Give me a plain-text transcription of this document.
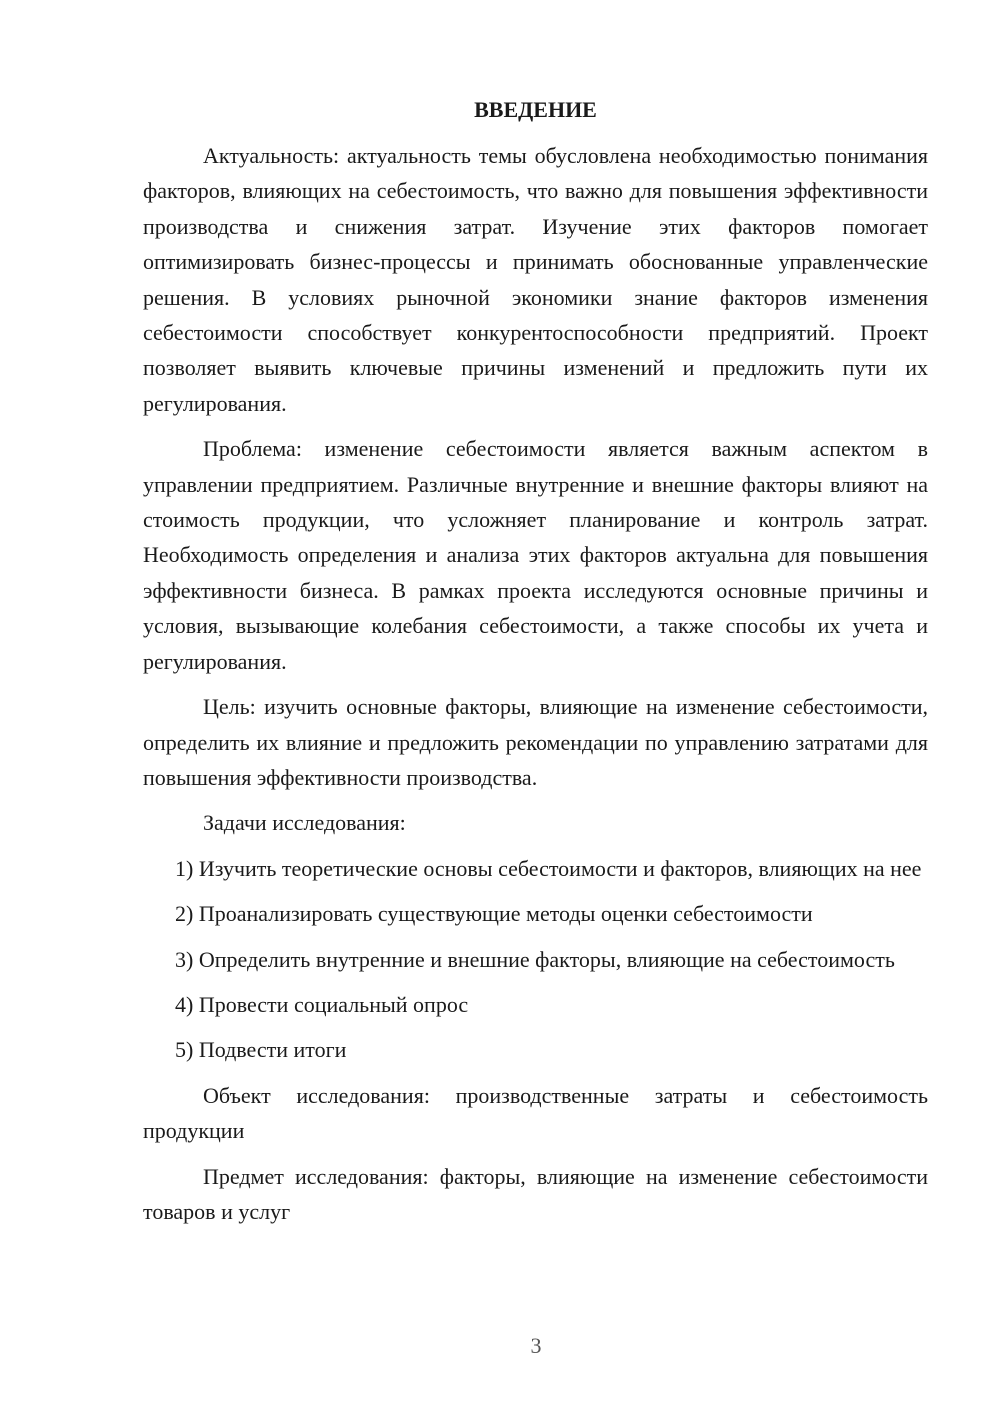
ВВЕДЕНИЕ

Актуальность: актуальность темы обусловлена необходимостью понимания факторов, влияющих на себестоимость, что важно для повышения эффективности производства и снижения затрат. Изучение этих факторов помогает оптимизировать бизнес-процессы и принимать обоснованные управленческие решения. В условиях рыночной экономики знание факторов изменения себестоимости способствует конкурентоспособности предприятий. Проект позволяет выявить ключевые причины изменений и предложить пути их регулирования.

Проблема: изменение себестоимости является важным аспектом в управлении предприятием. Различные внутренние и внешние факторы влияют на стоимость продукции, что усложняет планирование и контроль затрат. Необходимость определения и анализа этих факторов актуальна для повышения эффективности бизнеса. В рамках проекта исследуются основные причины и условия, вызывающие колебания себестоимости, а также способы их учета и регулирования.

Цель: изучить основные факторы, влияющие на изменение себестоимости, определить их влияние и предложить рекомендации по управлению затратами для повышения эффективности производства.

Задачи исследования:

1) Изучить теоретические основы себестоимости и факторов, влияющих на нее

2) Проанализировать существующие методы оценки себестоимости

3) Определить внутренние и внешние факторы, влияющие на себестоимость

4) Провести социальный опрос

5) Подвести итоги

Объект исследования: производственные затраты и себестоимость продукции

Предмет исследования: факторы, влияющие на изменение себестоимости товаров и услуг

3
